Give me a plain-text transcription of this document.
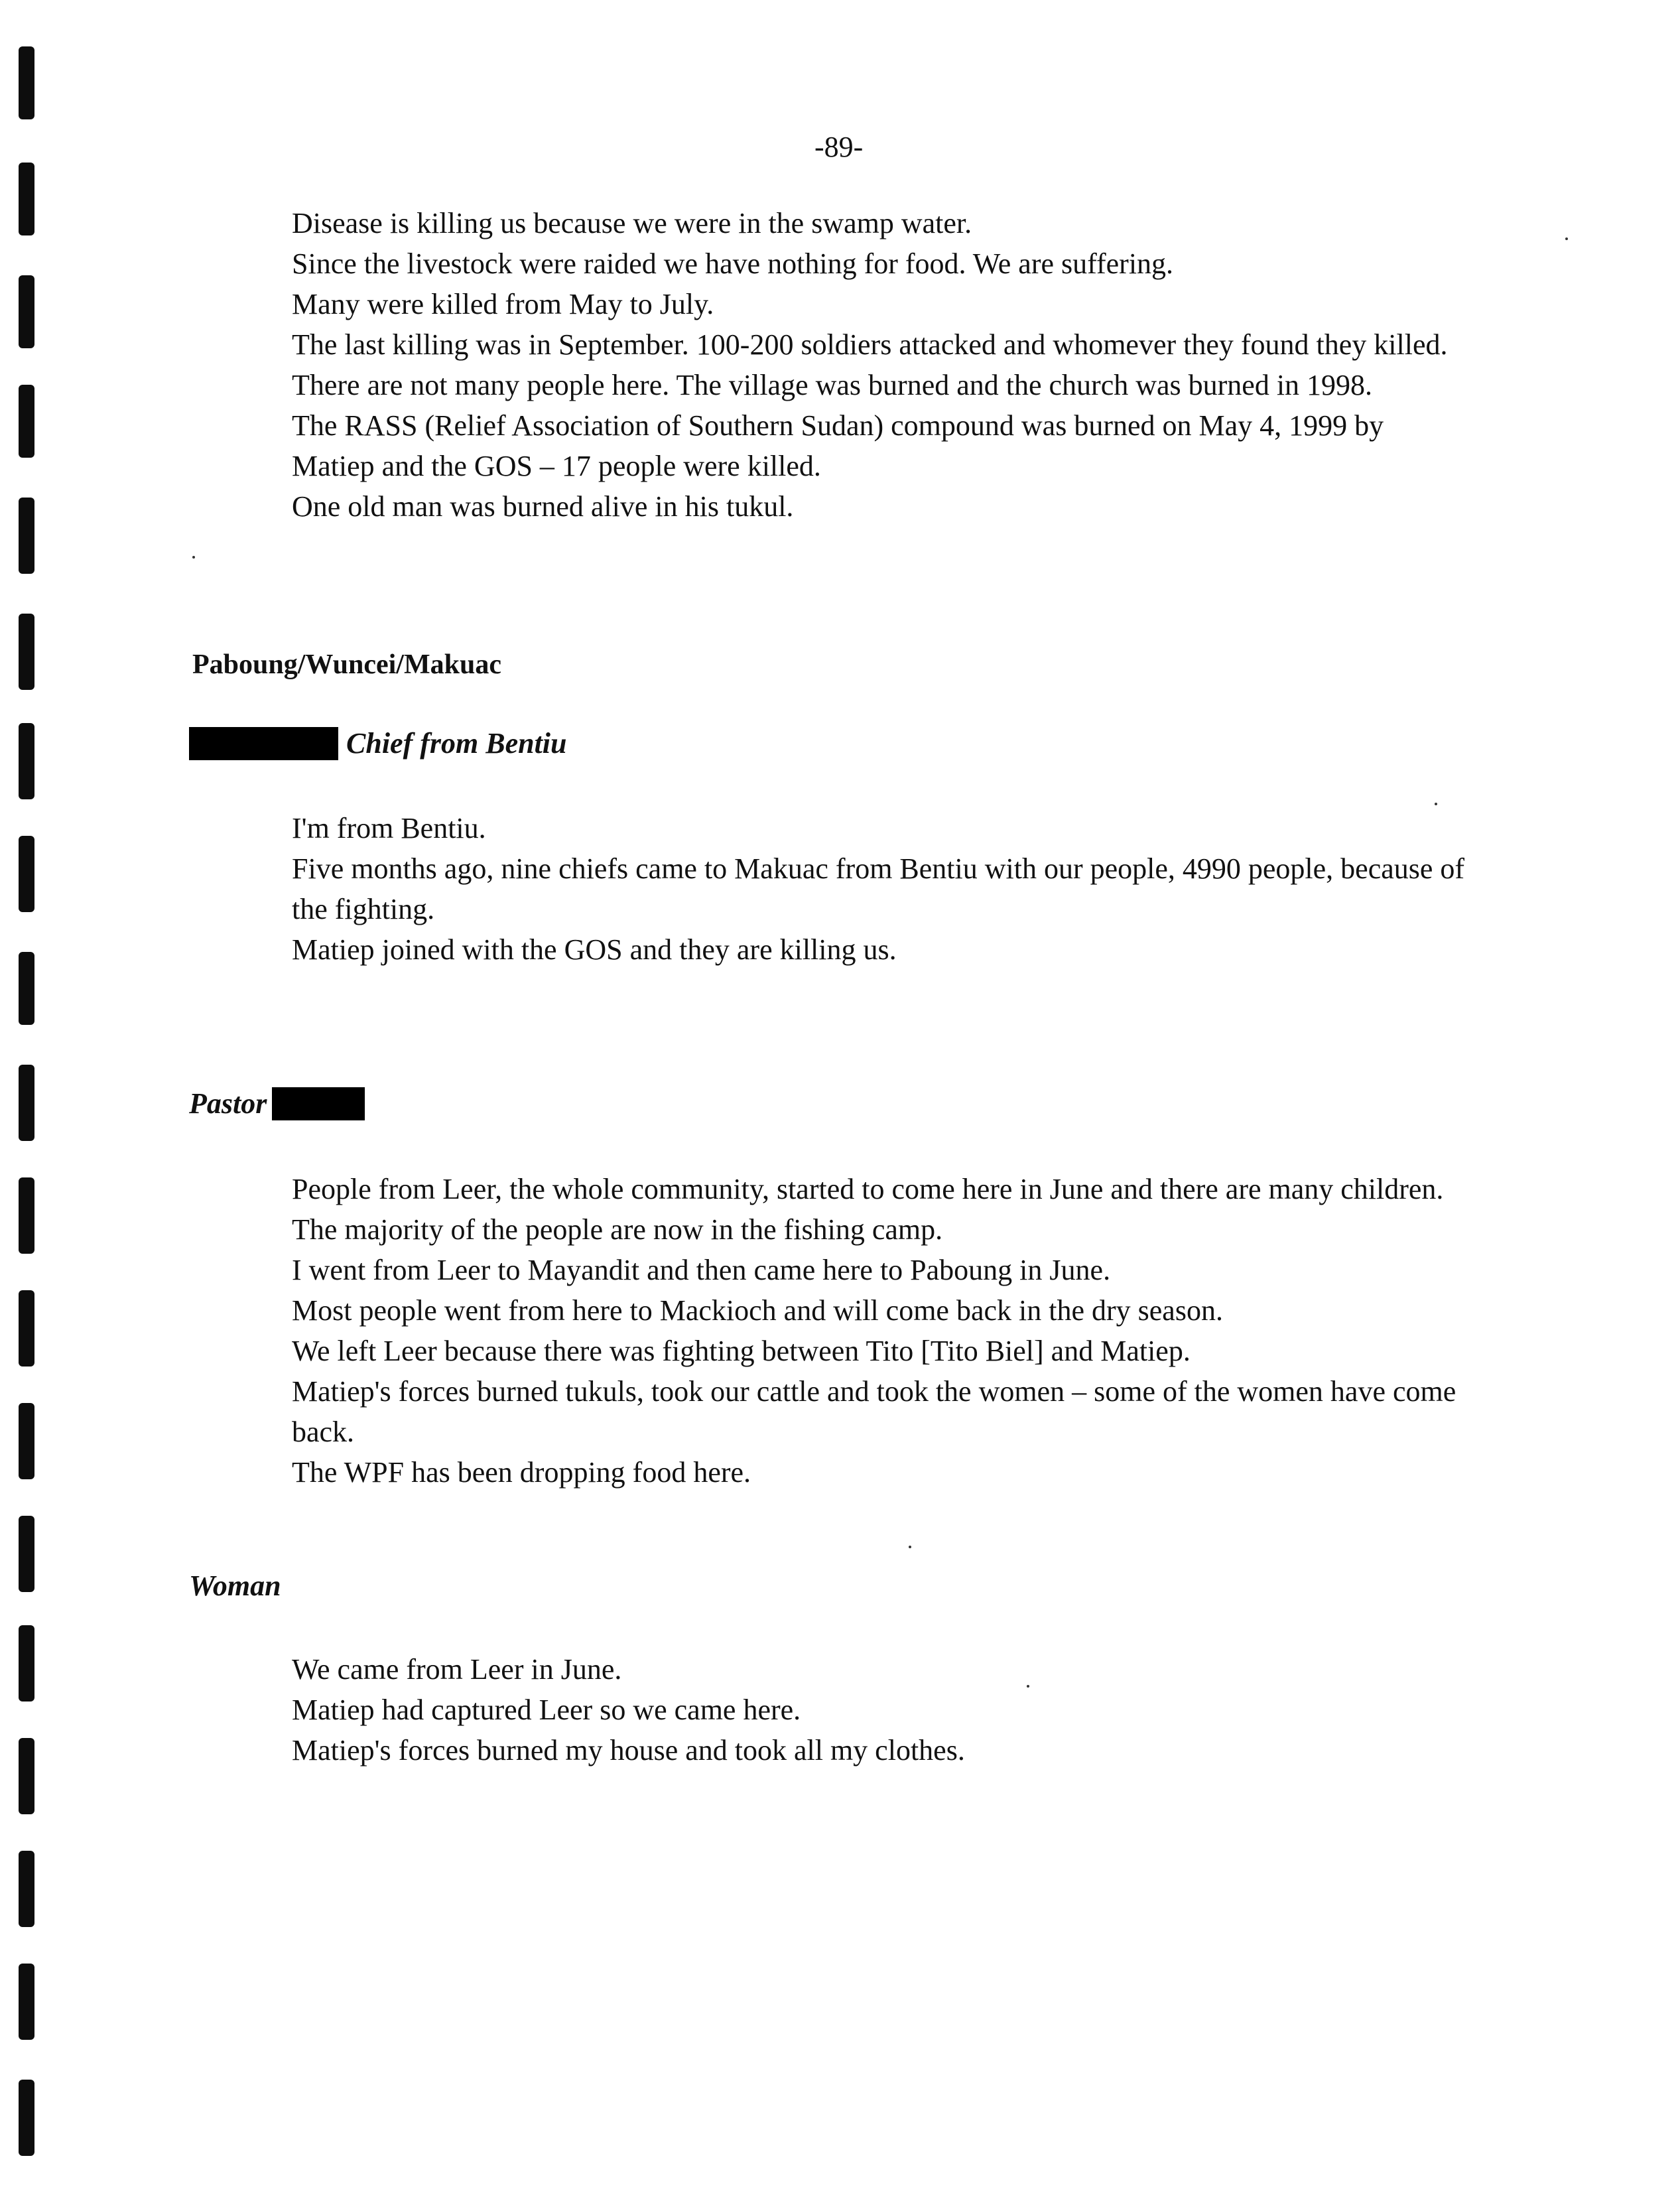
-89-
Disease is killing us because we were in the swamp water.
Since the livestock were raided we have nothing for food. We are suffering.
Many were killed from May to July.
The last killing was in September. 100-200 soldiers attacked and whomever they found they killed.
There are not many people here. The village was burned and the church was burned in 1998.
The RASS (Relief Association of Southern Sudan) compound was burned on May 4, 1999 by Matiep and the GOS – 17 people were killed.
One old man was burned alive in his tukul.
Paboung/Wuncei/Makuac
Chief from Bentiu
I'm from Bentiu.
Five months ago, nine chiefs came to Makuac from Bentiu with our people, 4990 people, because of the fighting.
Matiep joined with the GOS and they are killing us.
Pastor
People from Leer, the whole community, started to come here in June and there are many children.
The majority of the people are now in the fishing camp.
I went from Leer to Mayandit and then came here to Paboung in June.
Most people went from here to Mackioch and will come back in the dry season.
We left Leer because there was fighting between Tito [Tito Biel] and Matiep.
Matiep's forces burned tukuls, took our cattle and took the women – some of the women have come back.
The WPF has been dropping food here.
Woman
We came from Leer in June.
Matiep had captured Leer so we came here.
Matiep's forces burned my house and took all my clothes.
